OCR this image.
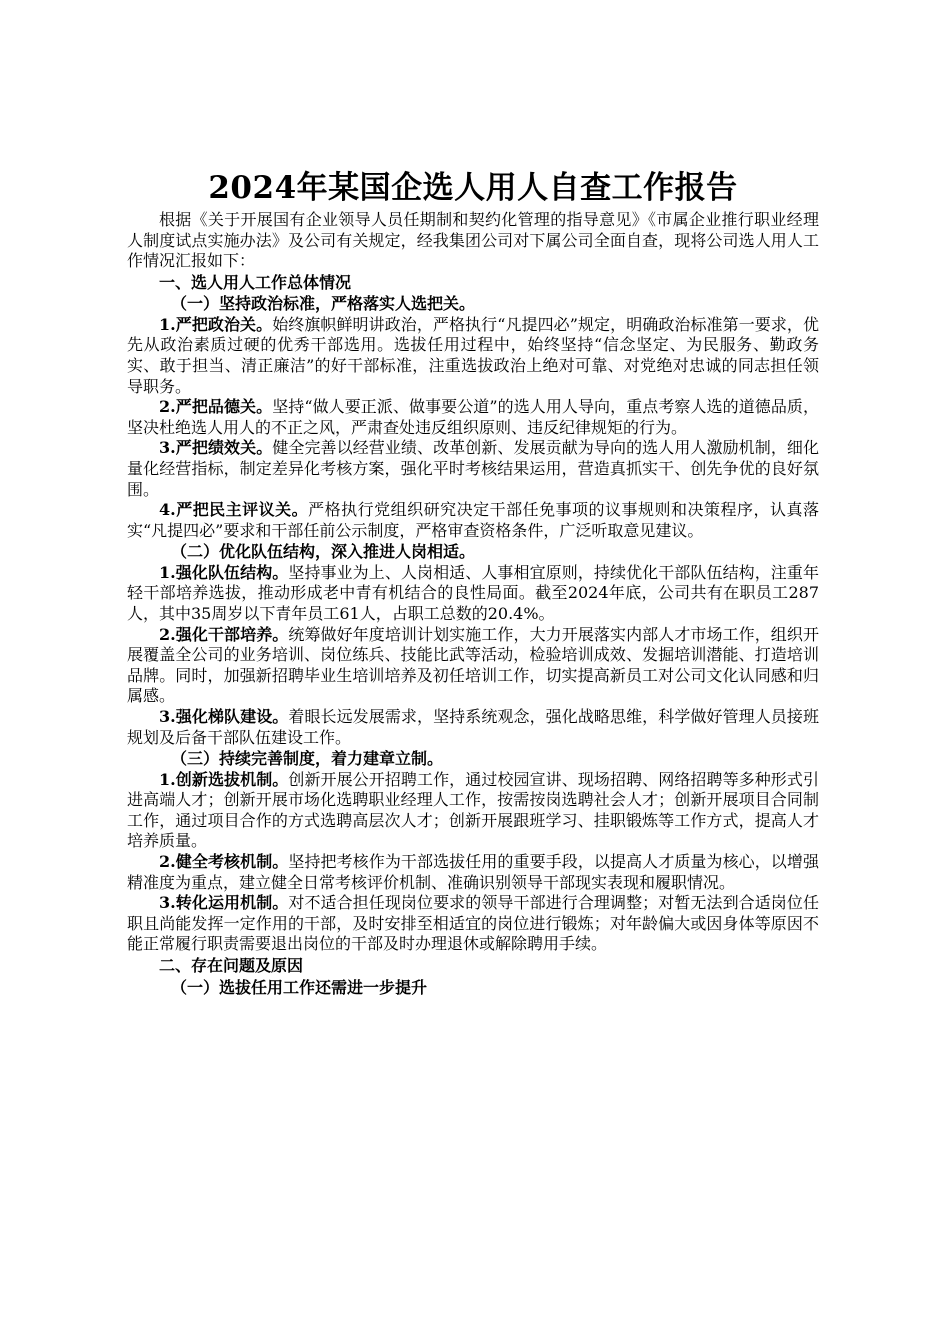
2024年某国企选人用人自查工作报告

根据《关于开展国有企业领导人员任期制和契约化管理的指导意见》《市属企业推行职业经理人制度试点实施办法》及公司有关规定，经我集团公司对下属公司全面自查，现将公司选人用人工作情况汇报如下：

一、选人用人工作总体情况

（一）坚持政治标准，严格落实人选把关。

1.严把政治关。始终旗帜鲜明讲政治，严格执行“凡提四必”规定，明确政治标准第一要求，优先从政治素质过硬的优秀干部选用。选拔任用过程中，始终坚持“信念坚定、为民服务、勤政务实、敢于担当、清正廉洁”的好干部标准，注重选拔政治上绝对可靠、对党绝对忠诚的同志担任领导职务。

2.严把品德关。坚持“做人要正派、做事要公道”的选人用人导向，重点考察人选的道德品质，坚决杜绝选人用人的不正之风，严肃查处违反组织原则、违反纪律规矩的行为。

3.严把绩效关。健全完善以经营业绩、改革创新、发展贡献为导向的选人用人激励机制，细化量化经营指标，制定差异化考核方案，强化平时考核结果运用，营造真抓实干、创先争优的良好氛围。

4.严把民主评议关。严格执行党组织研究决定干部任免事项的议事规则和决策程序，认真落实“凡提四必”要求和干部任前公示制度，严格审查资格条件，广泛听取意见建议。

（二）优化队伍结构，深入推进人岗相适。

1.强化队伍结构。坚持事业为上、人岗相适、人事相宜原则，持续优化干部队伍结构，注重年轻干部培养选拔，推动形成老中青有机结合的良性局面。截至2024年底，公司共有在职员工287人，其中35周岁以下青年员工61人，占职工总数的20.4%。

2.强化干部培养。统筹做好年度培训计划实施工作，大力开展落实内部人才市场工作，组织开展覆盖全公司的业务培训、岗位练兵、技能比武等活动，检验培训成效、发掘培训潜能、打造培训品牌。同时，加强新招聘毕业生培训培养及初任培训工作，切实提高新员工对公司文化认同感和归属感。

3.强化梯队建设。着眼长远发展需求，坚持系统观念，强化战略思维，科学做好管理人员接班规划及后备干部队伍建设工作。

（三）持续完善制度，着力建章立制。

1.创新选拔机制。创新开展公开招聘工作，通过校园宣讲、现场招聘、网络招聘等多种形式引进高端人才；创新开展市场化选聘职业经理人工作，按需按岗选聘社会人才；创新开展项目合同制工作，通过项目合作的方式选聘高层次人才；创新开展跟班学习、挂职锻炼等工作方式，提高人才培养质量。

2.健全考核机制。坚持把考核作为干部选拔任用的重要手段，以提高人才质量为核心，以增强精准度为重点，建立健全日常考核评价机制、准确识别领导干部现实表现和履职情况。

3.转化运用机制。对不适合担任现岗位要求的领导干部进行合理调整；对暂无法到合适岗位任职且尚能发挥一定作用的干部，及时安排至相适宜的岗位进行锻炼；对年龄偏大或因身体等原因不能正常履行职责需要退出岗位的干部及时办理退休或解除聘用手续。

二、存在问题及原因

（一）选拔任用工作还需进一步提升
